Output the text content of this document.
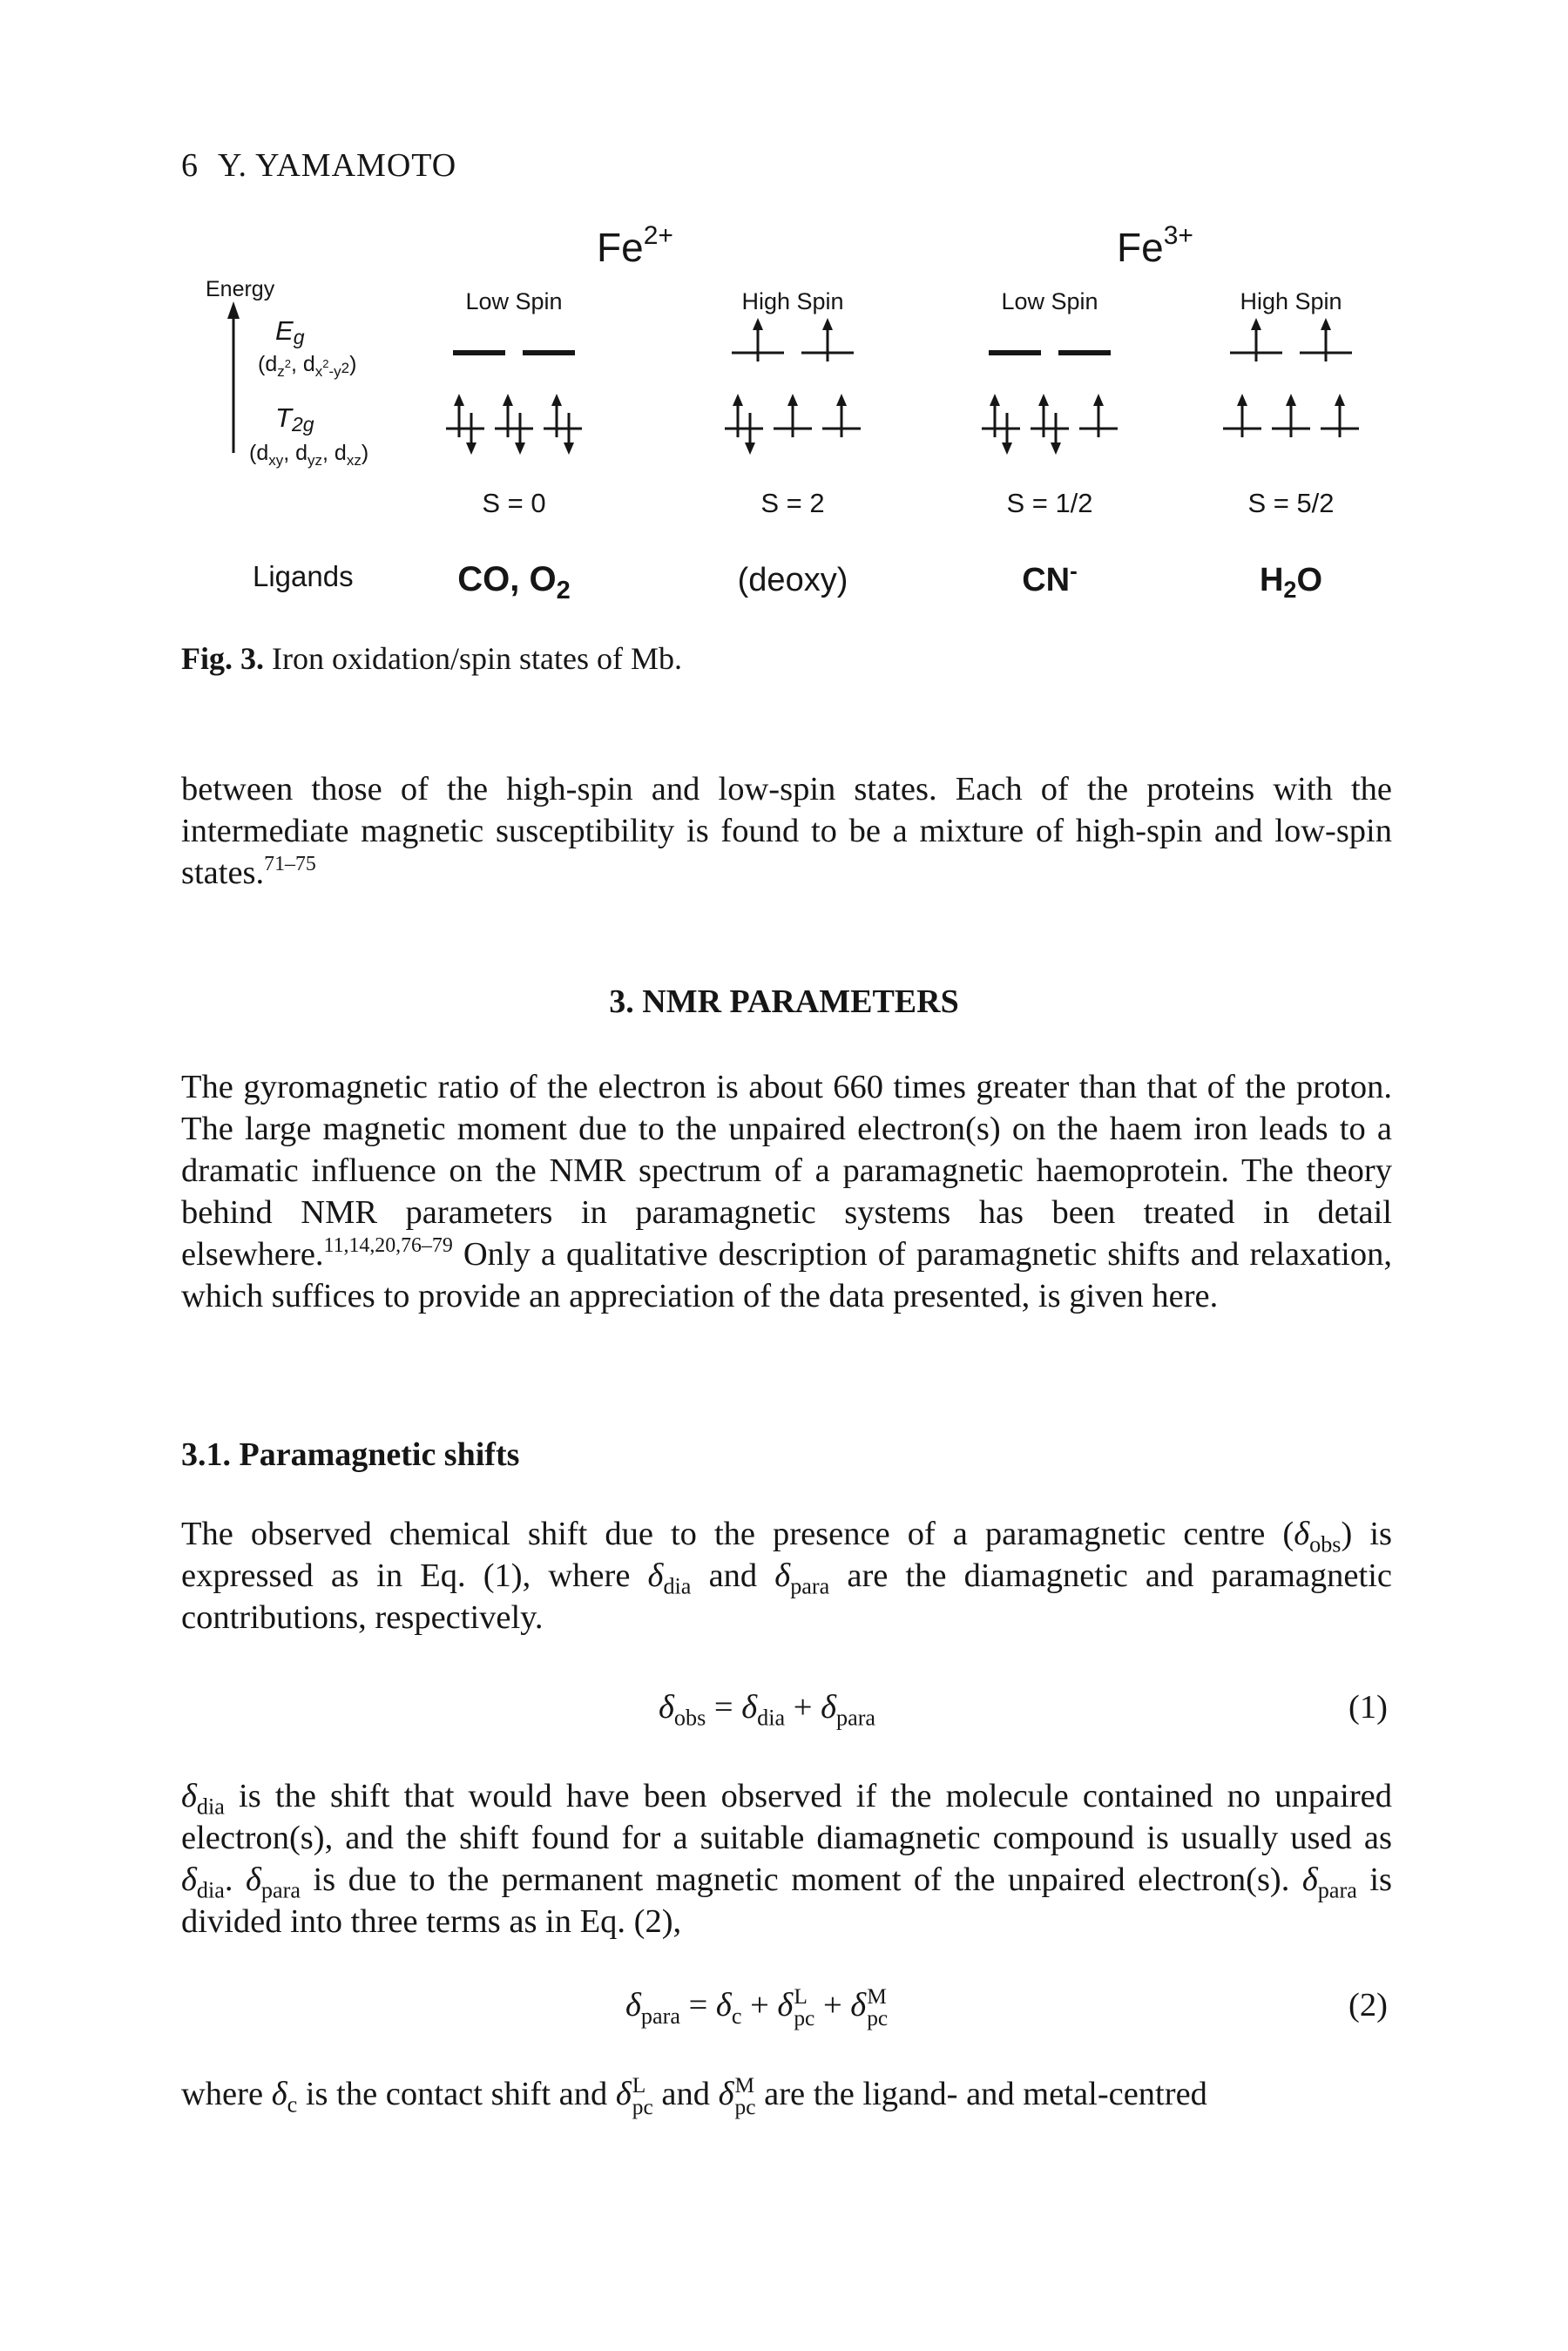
6 Y. YAMAMOTO
Energy
Eg
($d_z^2$, $d_x^2_{-y}2$)
T2g
($d_{xy}$, $d_{yz}$, $d_{xz}$)
$Fe^{2+}$	$Fe^{3+}$
Ligands	CO, $O_2$	(deoxy)	CN-	$H_2O$
Low Spin
S = 0
High Spin
S = 2
Low Spin
S = 1/2
High Spin
S = 5/2
Fig. 3. Iron oxidation/spin states of Mb.
between those of the high-spin and low-spin states. Each of the proteins with the intermediate magnetic susceptibility is found to be a mixture of high-spin and low-spin states.$^{71-75}$
3. NMR PARAMETERS
The gyromagnetic ratio of the electron is about 660 times greater than that of the proton. The large magnetic moment due to the unpaired electron(s) on the haem iron leads to a dramatic influence on the NMR spectrum of a paramagnetic haemoprotein. The theory behind NMR parameters in paramagnetic systems has been treated in detail elsewhere.$^{11,14,20,76-79}$ Only a qualitative description of paramagnetic shifts and relaxation, which suffices to provide an appreciation of the data presented, is given here.
3.1. Paramagnetic shifts
The observed chemical shift due to the presence of a paramagnetic centre $(\delta_{obs})$ is expressed as in Eq. (1), where $\delta_{dia}$ and $\delta_{para}$ are the diamagnetic and paramagnetic contributions, respectively.
$\delta_{obs} = \delta_{dia} + \delta_{para}$	(1)
$\delta_{dia}$ is the shift that would have been observed if the molecule contained no unpaired electron(s), and the shift found for a suitable diamagnetic compound is usually used as $\delta_{dia}$. $\delta_{para}$ is due to the permanent magnetic moment of the unpaired electron(s). $\delta_{para}$ is divided into three terms as in Eq. (2),
$\delta_{para} = \delta_c + \delta$ L
pc + δ M
pc	(2)
where $\delta_c$ is the contact shift and δ L
pc and δ M
pc are the ligand- and metal-centred
